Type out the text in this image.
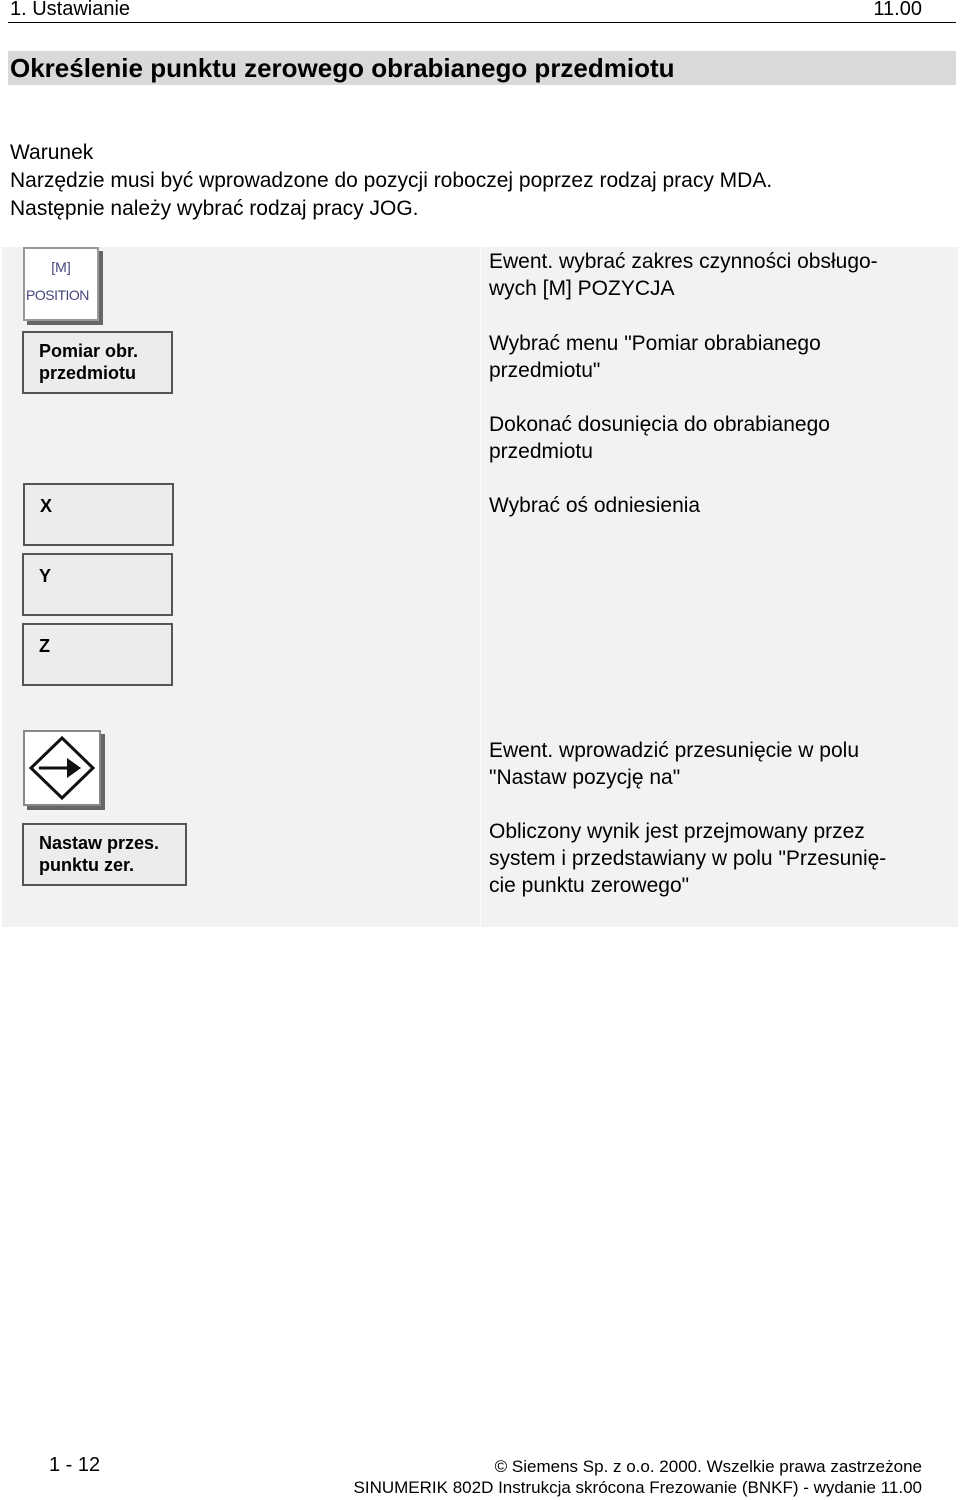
1. Ustawianie	11.00
Określenie punktu zerowego obrabianego przedmiotu
Warunek
Narzędzie musi być wprowadzone do pozycji roboczej poprzez rodzaj pracy MDA.
Następnie należy wybrać rodzaj pracy JOG.
[M]
POSITION
Pomiar obr.
przedmiotu
X
Y
Z
Nastaw przes.
punktu zer.
Ewent. wybrać zakres czynności obsługo-
wych [M] POZYCJA
Wybrać menu "Pomiar obrabianego
przedmiotu"
Dokonać dosunięcia do obrabianego
przedmiotu
Wybrać oś odniesienia
Ewent. wprowadzić przesunięcie w polu
"Nastaw pozycję na"
Obliczony wynik jest przejmowany przez
system i przedstawiany w polu "Przesunię-
cie punktu zerowego"
1 - 12	© Siemens Sp. z o.o. 2000. Wszelkie prawa zastrzeżone
SINUMERIK 802D Instrukcja skrócona Frezowanie (BNKF) - wydanie 11.00
